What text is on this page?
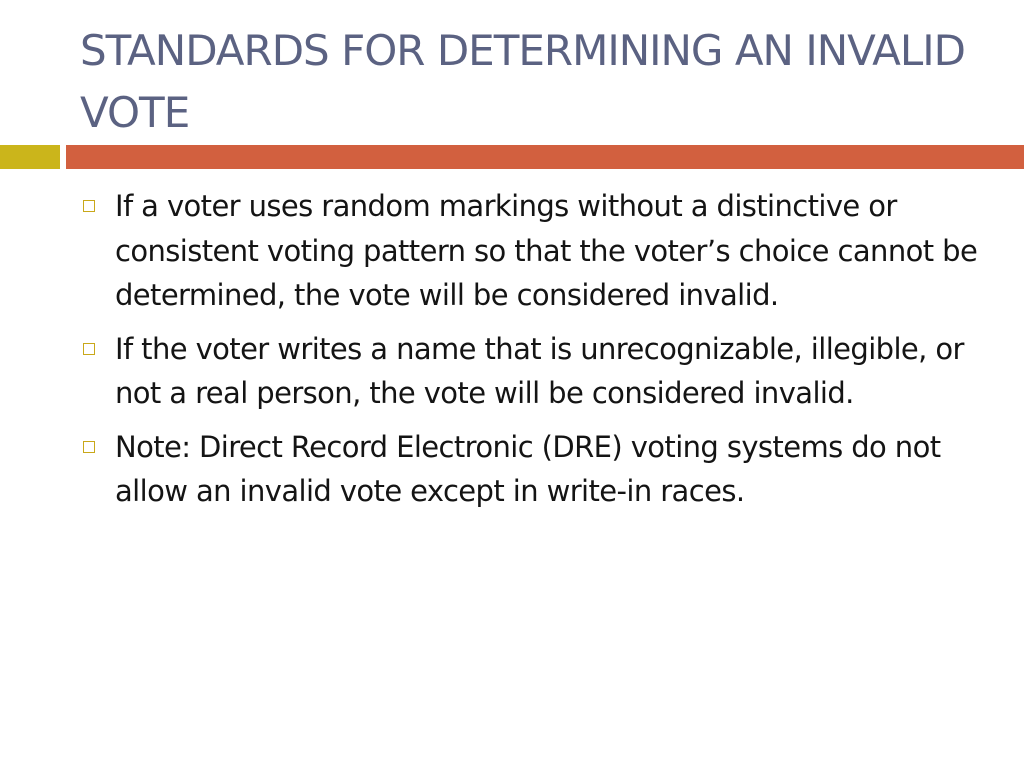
STANDARDS FOR DETERMINING AN INVALID VOTE
If a voter uses random markings without a distinctive or consistent voting pattern so that the voter’s choice cannot be determined, the vote will be considered invalid.
If the voter writes a name that is unrecognizable, illegible, or not a real person, the vote will be considered invalid.
Note: Direct Record Electronic (DRE) voting systems do not allow an invalid vote except in write-in races.
